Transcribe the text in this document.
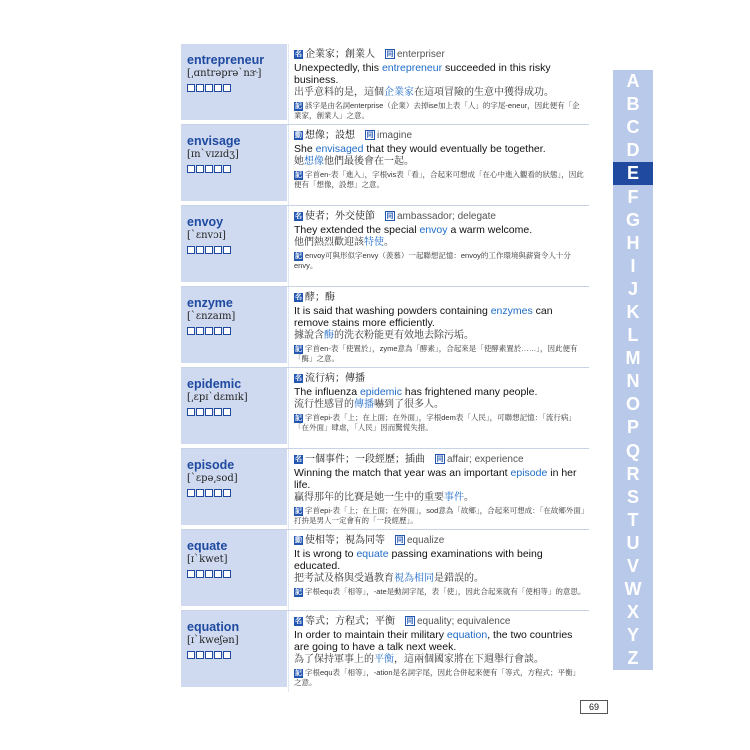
entrepreneur
[͵ɑntrəprəˋnɝ]
名 企業家；創業人 同 enterpriser
Unexpectedly, this entrepreneur succeeded in this risky business.
出乎意料的是，這個企業家在這項冒險的生意中獲得成功。
記 該字是由名詞enterprise（企業）去掉ise加上表「人」的字尾-eneur，因此便有「企業家，創業人」之意。
envisage
[ɪnˋvɪzɪdʒ]
動 想像；設想 同 imagine
She envisaged that they would eventually be together.
她想像他們最後會在一起。
記 字首en-表「進入」，字根vis表「看」，合起來可想成「在心中進入觀看的狀態」，因此便有「想像，設想」之意。
envoy
[ˋɛnvɔɪ]
名 使者；外交使節 同 ambassador; delegate
They extended the special envoy a warm welcome.
他們熱烈歡迎該特使。
記 envoy可與形似字envy（羨慕）一起聯想記憶：envoy的工作環境與薪資令人十分envy。
enzyme
[ˋɛnzaɪm]
名 酵；酶
It is said that washing powders containing enzymes can remove stains more efficiently.
據說含酶的洗衣粉能更有效地去除污垢。
記 字首en-表「使置於」，zyme意為「酵素」，合起來是「使酵素置於……」，因此便有「酶」之意。
epidemic
[͵ɛpɪˋdɛmɪk]
名 流行病；傳播
The influenza epidemic has frightened many people.
流行性感冒的傳播嚇到了很多人。
記 字首epi-表「上；在上面；在外面」，字根dem表「人民」，可聯想記憶：「流行病」「在外面」肆虐，「人民」因而驚慌失措。
episode
[ˋɛpə͵sod]
名 一個事件；一段經歷；插曲 同 affair; experience
Winning the match that year was an important episode in her life.
贏得那年的比賽是她一生中的重要事件。
記 字首epi-表「上；在上面；在外面」，sod意為「故鄉」，合起來可想成：「在故鄉外面」打拚是男人一定會有的「一段經歷」。
equate
[ɪˋkwet]
動 使相等；視為同等 同 equalize
It is wrong to equate passing examinations with being educated.
把考試及格與受過教育視為相同是錯誤的。
記 字根equ表「相等」，-ate是動詞字尾，表「使」，因此合起來就有「使相等」的意思。
equation
[ɪˋkweʃən]
名 等式；方程式；平衡 同 equality; equivalence
In order to maintain their military equation, the two countries are going to have a talk next week.
為了保持軍事上的平衡，這兩個國家將在下週舉行會談。
記 字根equ表「相等」，-ation是名詞字尾，因此合併起來便有「等式，方程式；平衡」之意。
A
B
C
D
E
F
G
H
I
J
K
L
M
N
O
P
Q
R
S
T
U
V
W
X
Y
Z
69
